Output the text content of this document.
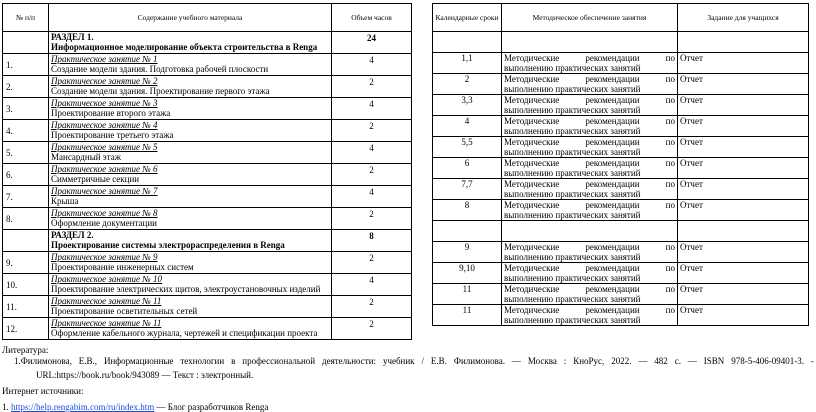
№ п/п	Содержание учебного материала	Объем часов

	РАЗДЕЛ 1.
Информационное моделирование объекта строительства в Renga	24
1.	Практическое занятие № 1
Создание модели здания. Подготовка рабочей плоскости	4
2.	Практическое занятие № 2
Создание модели здания. Проектирование первого этажа	2
3.	Практическое занятие № 3
Проектирование второго этажа	4
4.	Практическое занятие № 4
Проектирование третьего этажа	2
5.	Практическое занятие № 5
Мансардный этаж	4
6.	Практическое занятие № 6
Симметричные секции	2
7.	Практическое занятие № 7
Крыша	4
8.	Практическое занятие № 8
Оформление документации	2

	РАЗДЕЛ 2.
Проектирование системы электрораспределения в Renga	8
9.	Практическое занятие № 9
Проектирование инженерных систем	2
10.	Практическое занятие № 10
Проектирование электрических щитов, электроустановочных изделий	4
11.	Практическое занятие № 11
Проектирование осветительных сетей	2
12.	Практическое занятие № 11
Оформление кабельного журнала, чертежей и спецификации проекта	2
Календарные сроки	Методическое обеспечение занятия	Задание для учащихся

1,1	Методические рекомендации по
выполнению практических занятий	Отчет
2	Методические рекомендации по
выполнению практических занятий	Отчет
3,3	Методические рекомендации по
выполнению практических занятий	Отчет
4	Методические рекомендации по
выполнению практических занятий	Отчет
5,5	Методические рекомендации по
выполнению практических занятий	Отчет
6	Методические рекомендации по
выполнению практических занятий	Отчет
7,7	Методические рекомендации по
выполнению практических занятий	Отчет
8	Методические рекомендации по
выполнению практических занятий	Отчет

9	Методические рекомендации по
выполнению практических занятий	Отчет
9,10	Методические рекомендации по
выполнению практических занятий	Отчет
11	Методические рекомендации по
выполнению практических занятий	Отчет
11	Методические рекомендации по
выполнению практических занятий	Отчет
Литература:
1.Филимонова, Е.В., Информационные технологии в профессиональной деятельности: учебник / Е.В. Филимонова. — Москва : КноРус, 2022. — 482 с. — ISBN 978-5-406-09401-3. -
URL:https://book.ru/book/943089 — Текст : электронный.
Интернет источники:
1. https://help.rengabim.com/ru/index.htm — Блог разработчиков Renga
